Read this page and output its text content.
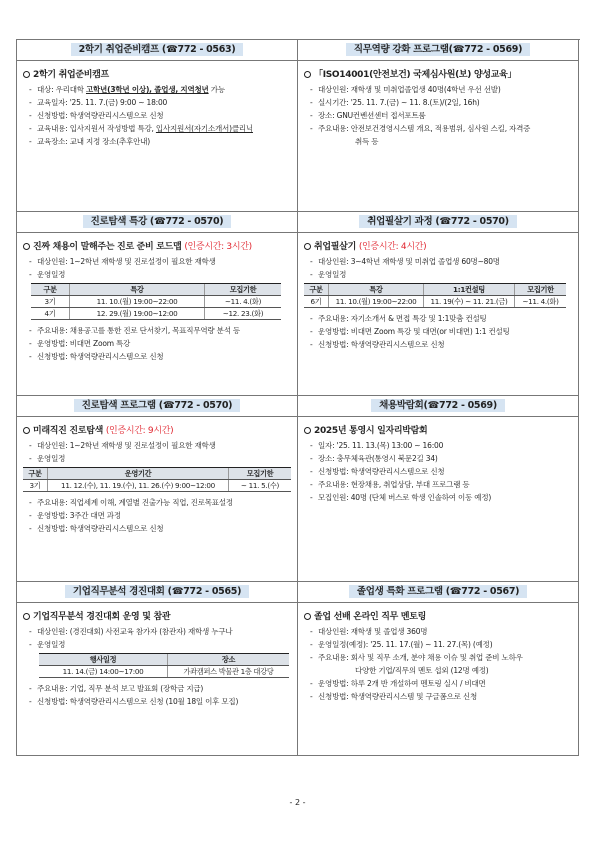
2학기 취업준비캠프 (☎772 - 0563)
2학기 취업준비캠프
- 대상: 우리대학 고학년(3학년 이상), 졸업생, 지역청년 가능
- 교육일자: '25. 11. 7.(금) 9:00 ~ 18:00
- 신청방법: 학생역량관리시스템으로 신청
- 교육내용: 입사지원서 작성방법 특강, 입사지원서(자기소개서)클리닉
- 교육장소: 교내 지정 장소(추후안내)
직무역량 강화 프로그램(☎772 - 0569)
「ISO14001(안전보건) 국제심사원(보) 양성교육」
- 대상인원: 재학생 및 미취업졸업생 40명(4학년 우선 선발)
- 실시기간: '25. 11. 7.(금) ~ 11. 8.(토)/(2일, 16h)
- 장소: GNU컨벤션센터 접서포트룸
- 주요내용: 안전보건경영시스템 개요, 적용범위, 심사원 스킬, 자격증
취득 등
진로탐색 특강 (☎772 - 0570)
진짜 채용이 말해주는 진로 준비 로드맵 (인증시간: 3시간)
- 대상인원: 1~2학년 재학생 및 진로설정이 필요한 재학생
- 운영일정
구분	특강	모집기한
3기	11. 10.(월) 19:00~22:00	~11. 4.(화)
4기	12. 29.(월) 19:00~12:00	~12. 23.(화)
- 주요내용: 채용공고를 통한 진로 단서찾기, 목표직무역량 분석 등
- 운영방법: 비대면 Zoom 특강
- 신청방법: 학생역량관리시스템으로 신청
취업필살기 과정 (☎772 - 0570)
취업필살기 (인증시간: 4시간)
- 대상인원: 3~4학년 재학생 및 미취업 졸업생 60명~80명
- 운영일정
구분	특강	1:1컨설팅	모집기한
6기	11. 10.(월) 19:00~22:00	11. 19(수) ~ 11. 21.(금)	~11. 4.(화)
- 주요내용: 자기소개서 & 면접 특강 및 1:1맞춤 컨설팅
- 운영방법: 비대면 Zoom 특강 및 대면(or 비대면) 1:1 컨설팅
- 신청방법: 학생역량관리시스템으로 신청
진로탐색 프로그램 (☎772 - 0570)
미래직진 진로탐색 (인증시간: 9시간)
- 대상인원: 1~2학년 재학생 및 진로설정이 필요한 재학생
- 운영일정
구분	운영기간	모집기한
3기	11. 12.(수), 11. 19.(수), 11. 26.(수) 9:00~12:00	~ 11. 5.(수)
- 주요내용: 직업세계 이해, 계열별 진출가능 직업, 진로목표설정
- 운영방법: 3주간 대면 과정
- 신청방법: 학생역량관리시스템으로 신청
채용박람회(☎772 - 0569)
2025년 통영시 일자리박람회
- 일자: '25. 11. 13.(목) 13:00 ~ 16:00
- 장소: 충무체육관(통영시 북문2길 34)
- 신청방법: 학생역량관리시스템으로 신청
- 주요내용: 현장채용, 취업상담, 부대 프로그램 등
- 모집인원: 40명 (단체 버스로 학생 인솔하여 이동 예정)
기업직무분석 경진대회 (☎772 - 0565)
기업직무분석 경진대회 운영 및 참관
- 대상인원: (경진대회) 사전교육 참가자 (참관자) 재학생 누구나
- 운영일정
행사일정	장소
11. 14.(금) 14:00~17:00	가좌캠퍼스 박물관 1층 대강당
- 주요내용: 기업, 직무 분석 보고 발표회 (장학금 지급)
- 신청방법: 학생역량관리시스템으로 신청 (10월 18일 이후 모집)
졸업생 특화 프로그램 (☎772 - 0567)
졸업 선배 온라인 직무 멘토링
- 대상인원: 재학생 및 졸업생 360명
- 운영일정(예정): '25. 11. 17.(월) ~ 11. 27.(목) (예정)
- 주요내용: 회사 및 직무 소개, 분야 채용 이슈 및 취업 준비 노하우
다양한 기업/직무의 멘토 섭외 (12명 예정)
- 운영방법: 하루 2개 반 개설하여 멘토링 실시 / 비대면
- 신청방법: 학생역량관리시스템 및 구글폼으로 신청
- 2 -
